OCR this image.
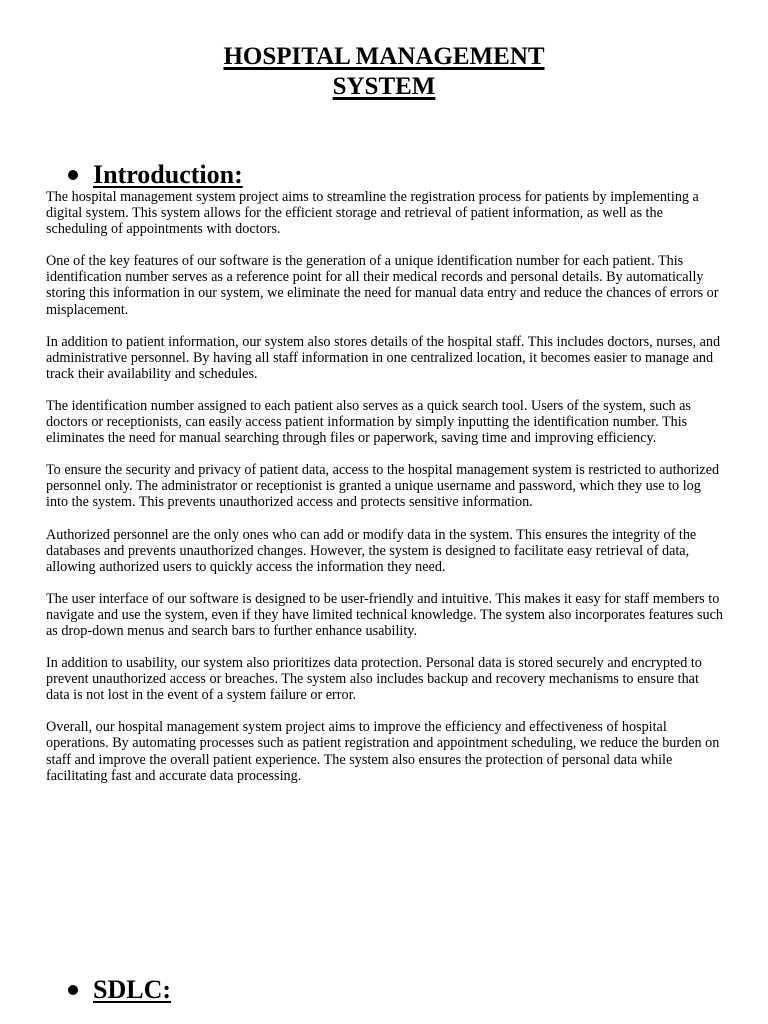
HOSPITAL MANAGEMENT
SYSTEM
Introduction:

The hospital management system project aims to streamline the registration process for patients by implementing a digital system. This system allows for the efficient storage and retrieval of patient information, as well as the scheduling of appointments with doctors.

One of the key features of our software is the generation of a unique identification number for each patient. This identification number serves as a reference point for all their medical records and personal details. By automatically storing this information in our system, we eliminate the need for manual data entry and reduce the chances of errors or misplacement.

In addition to patient information, our system also stores details of the hospital staff. This includes doctors, nurses, and administrative personnel. By having all staff information in one centralized location, it becomes easier to manage and track their availability and schedules.

The identification number assigned to each patient also serves as a quick search tool. Users of the system, such as doctors or receptionists, can easily access patient information by simply inputting the identification number. This eliminates the need for manual searching through files or paperwork, saving time and improving efficiency.

To ensure the security and privacy of patient data, access to the hospital management system is restricted to authorized personnel only. The administrator or receptionist is granted a unique username and password, which they use to log into the system. This prevents unauthorized access and protects sensitive information.

Authorized personnel are the only ones who can add or modify data in the system. This ensures the integrity of the databases and prevents unauthorized changes. However, the system is designed to facilitate easy retrieval of data, allowing authorized users to quickly access the information they need.

The user interface of our software is designed to be user-friendly and intuitive. This makes it easy for staff members to navigate and use the system, even if they have limited technical knowledge. The system also incorporates features such as drop-down menus and search bars to further enhance usability.

In addition to usability, our system also prioritizes data protection. Personal data is stored securely and encrypted to prevent unauthorized access or breaches. The system also includes backup and recovery mechanisms to ensure that data is not lost in the event of a system failure or error.

Overall, our hospital management system project aims to improve the efficiency and effectiveness of hospital operations. By automating processes such as patient registration and appointment scheduling, we reduce the burden on staff and improve the overall patient experience. The system also ensures the protection of personal data while facilitating fast and accurate data processing.

SDLC:
